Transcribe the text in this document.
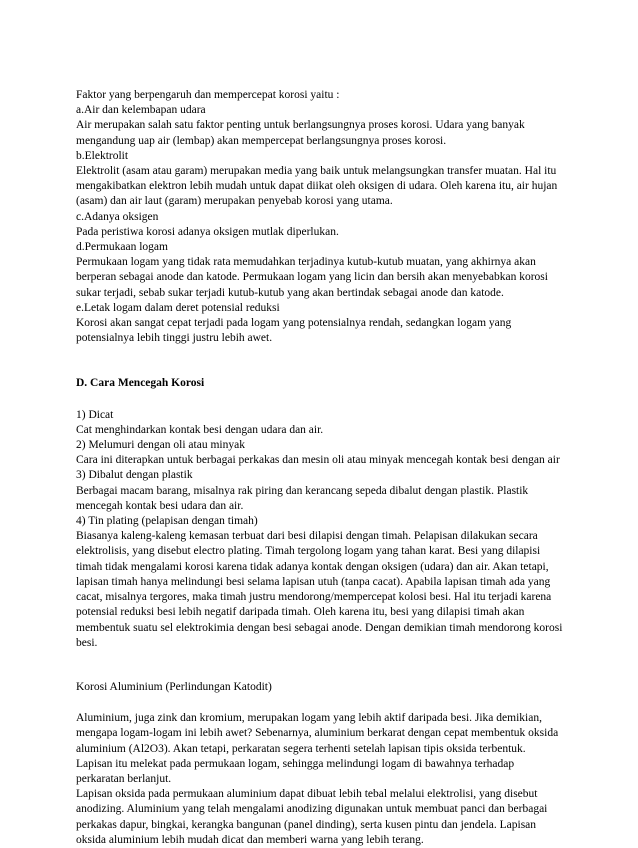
Faktor yang berpengaruh dan mempercepat korosi yaitu :
a.Air dan kelembapan udara
Air merupakan salah satu faktor penting untuk berlangsungnya proses korosi. Udara yang banyak
mengandung uap air (lembap) akan mempercepat berlangsungnya proses korosi.
b.Elektrolit
Elektrolit (asam atau garam) merupakan media yang baik untuk melangsungkan transfer muatan. Hal itu
mengakibatkan elektron lebih mudah untuk dapat diikat oleh oksigen di udara. Oleh karena itu, air hujan
(asam) dan air laut (garam) merupakan penyebab korosi yang utama.
c.Adanya oksigen
Pada peristiwa korosi adanya oksigen mutlak diperlukan.
d.Permukaan logam
Permukaan logam yang tidak rata memudahkan terjadinya kutub-kutub muatan, yang akhirnya akan
berperan sebagai anode dan katode. Permukaan logam yang licin dan bersih akan menyebabkan korosi
sukar terjadi, sebab sukar terjadi kutub-kutub yang akan bertindak sebagai anode dan katode.
e.Letak logam dalam deret potensial reduksi
Korosi akan sangat cepat terjadi pada logam yang potensialnya rendah, sedangkan logam yang
potensialnya lebih tinggi justru lebih awet.
D. Cara Mencegah Korosi
1) Dicat
Cat menghindarkan kontak besi dengan udara dan air.
2) Melumuri dengan oli atau minyak
Cara ini diterapkan untuk berbagai perkakas dan mesin oli atau minyak mencegah kontak besi dengan air
3) Dibalut dengan plastik
Berbagai macam barang, misalnya rak piring dan kerancang sepeda dibalut dengan plastik. Plastik
mencegah kontak besi udara dan air.
4) Tin plating (pelapisan dengan timah)
Biasanya kaleng-kaleng kemasan terbuat dari besi dilapisi dengan timah. Pelapisan dilakukan secara
elektrolisis, yang disebut electro plating. Timah tergolong logam yang tahan karat. Besi yang dilapisi
timah tidak mengalami korosi karena tidak adanya kontak dengan oksigen (udara) dan air. Akan tetapi,
lapisan timah hanya melindungi besi selama lapisan utuh (tanpa cacat). Apabila lapisan timah ada yang
cacat, misalnya tergores, maka timah justru mendorong/mempercepat kolosi besi. Hal itu terjadi karena
potensial reduksi besi lebih negatif daripada timah. Oleh karena itu, besi yang dilapisi timah akan
membentuk suatu sel elektrokimia dengan besi sebagai anode. Dengan demikian timah mendorong korosi
besi.
Korosi Aluminium (Perlindungan Katodit)
Aluminium, juga zink dan kromium, merupakan logam yang lebih aktif daripada besi. Jika demikian,
mengapa logam-logam ini lebih awet? Sebenarnya, aluminium berkarat dengan cepat membentuk oksida
aluminium (Al2O3). Akan tetapi, perkaratan segera terhenti setelah lapisan tipis oksida terbentuk.
Lapisan itu melekat pada permukaan logam, sehingga melindungi logam di bawahnya terhadap
perkaratan berlanjut.
Lapisan oksida pada permukaan aluminium dapat dibuat lebih tebal melalui elektrolisi, yang disebut
anodizing. Aluminium yang telah mengalami anodizing digunakan untuk membuat panci dan berbagai
perkakas dapur, bingkai, kerangka bangunan (panel dinding), serta kusen pintu dan jendela. Lapisan
oksida aluminium lebih mudah dicat dan memberi warna yang lebih terang.
